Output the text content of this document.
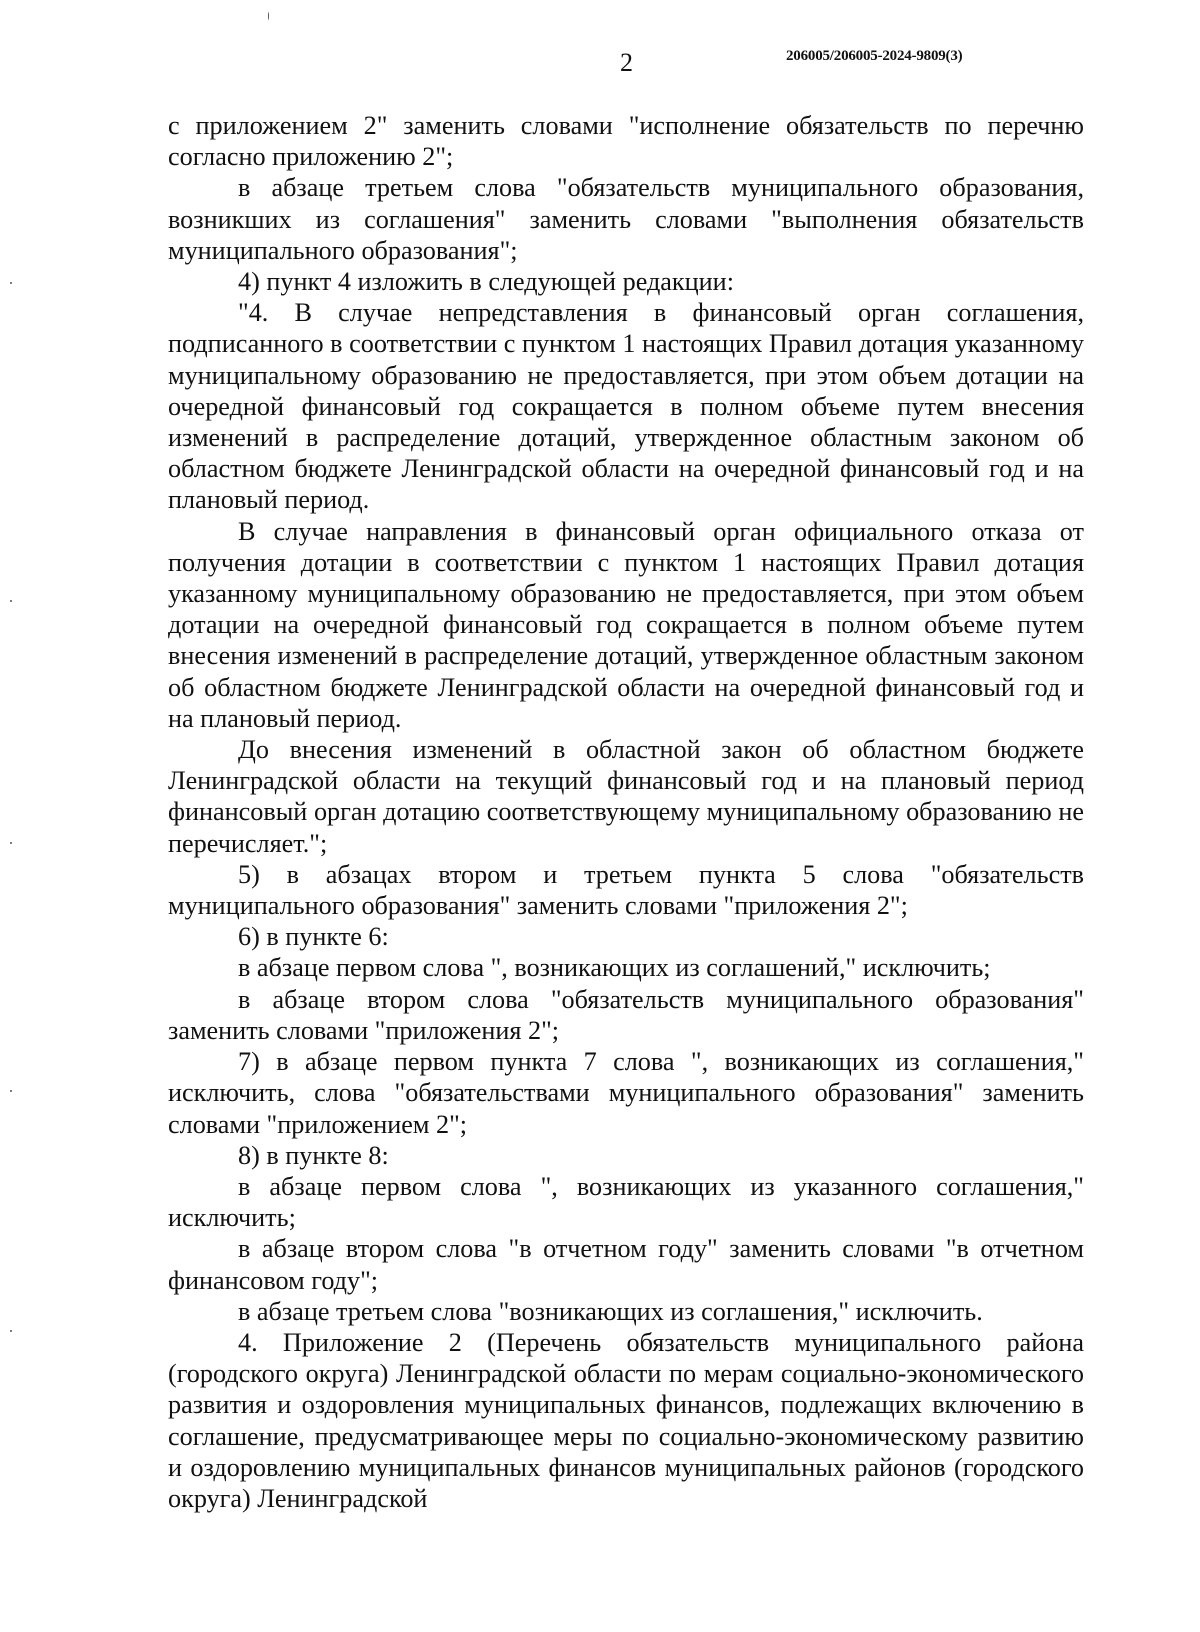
2	206005/206005-2024-9809(3)

с приложением 2" заменить словами "исполнение обязательств по перечню согласно приложению 2";

в абзаце третьем слова "обязательств муниципального образования, возникших из соглашения" заменить словами "выполнения обязательств муниципального образования";

4) пункт 4 изложить в следующей редакции:

"4. В случае непредставления в финансовый орган соглашения, подписанного в соответствии с пунктом 1 настоящих Правил дотация указанному муниципальному образованию не предоставляется, при этом объем дотации на очередной финансовый год сокращается в полном объеме путем внесения изменений в распределение дотаций, утвержденное областным законом об областном бюджете Ленинградской области на очередной финансовый год и на плановый период.

В случае направления в финансовый орган официального отказа от получения дотации в соответствии с пунктом 1 настоящих Правил дотация указанному муниципальному образованию не предоставляется, при этом объем дотации на очередной финансовый год сокращается в полном объеме путем внесения изменений в распределение дотаций, утвержденное областным законом об областном бюджете Ленинградской области на очередной финансовый год и на плановый период.

До внесения изменений в областной закон об областном бюджете Ленинградской области на текущий финансовый год и на плановый период финансовый орган дотацию соответствующему муниципальному образованию не перечисляет.";

5) в абзацах втором и третьем пункта 5 слова "обязательств муниципального образования" заменить словами "приложения 2";

6) в пункте 6:

в абзаце первом слова ", возникающих из соглашений," исключить;

в абзаце втором слова "обязательств муниципального образования" заменить словами "приложения 2";

7) в абзаце первом пункта 7 слова ", возникающих из соглашения," исключить, слова "обязательствами муниципального образования" заменить словами "приложением 2";

8) в пункте 8:

в абзаце первом слова ", возникающих из указанного соглашения," исключить;

в абзаце втором слова "в отчетном году" заменить словами "в отчетном финансовом году";

в абзаце третьем слова "возникающих из соглашения," исключить.

4. Приложение 2 (Перечень обязательств муниципального района (городского округа) Ленинградской области по мерам социально-экономического развития и оздоровления муниципальных финансов, подлежащих включению в соглашение, предусматривающее меры по социально-экономическому развитию и оздоровлению муниципальных финансов муниципальных районов (городского округа) Ленинградской
